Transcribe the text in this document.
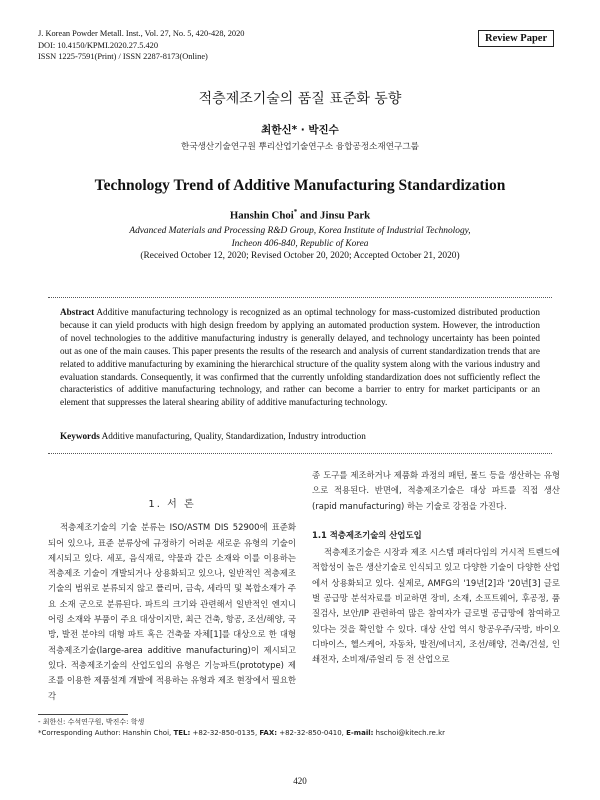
J. Korean Powder Metall. Inst., Vol. 27, No. 5, 420-428, 2020
DOI: 10.4150/KPMI.2020.27.5.420
ISSN 1225-7591(Print) / ISSN 2287-8173(Online)
Review Paper
적층제조기술의 품질 표준화 동향
최한신* · 박진수
한국생산기술연구원 뿌리산업기술연구소 융합공정소재연구그룹
Technology Trend of Additive Manufacturing Standardization
Hanshin Choi* and Jinsu Park
Advanced Materials and Processing R&D Group, Korea Institute of Industrial Technology,
Incheon 406-840, Republic of Korea
(Received October 12, 2020; Revised October 20, 2020; Accepted October 21, 2020)
Abstract Additive manufacturing technology is recognized as an optimal technology for mass-customized distributed production because it can yield products with high design freedom by applying an automated production system. However, the introduction of novel technologies to the additive manufacturing industry is generally delayed, and technology uncertainty has been pointed out as one of the main causes. This paper presents the results of the research and analysis of current standardization trends that are related to additive manufacturing by examining the hierarchical structure of the quality system along with the various industry and evaluation standards. Consequently, it was confirmed that the currently unfolding standardization does not sufficiently reflect the characteristics of additive manufacturing technology, and rather can become a barrier to entry for market participants or an element that suppresses the lateral shearing ability of additive manufacturing technology.
Keywords Additive manufacturing, Quality, Standardization, Industry introduction
1. 서 론

적층제조기술의 기술 분류는 ISO/ASTM DIS 52900에 표준화 되어 있으나, 표준 분류상에 규정하기 어려운 새로운 유형의 기술이 제시되고 있다. 세포, 음식재료, 약물과 같은 소재와 이를 이용하는 적층제조 기술이 개발되거나 상용화되고 있으나, 일반적인 적층제조기술의 범위로 분류되지 않고 폴리머, 금속, 세라믹 및 복합소재가 주요 소재 군으로 분류된다. 파트의 크기와 관련해서 일반적인 엔지니어링 소재와 부품이 주요 대상이지만, 최근 건축, 항공, 조선/해양, 국방, 발전 분야의 대형 파트 혹은 건축물 자체[1]를 대상으로 한 대형 적층제조기술(large-area additive manufacturing)이 제시되고 있다. 적층제조기술의 산업도입의 유형은 기능파트(prototype) 제조를 이용한 제품설계 개발에 적용하는 유형과 제조 현장에서 필요한 각

종 도구를 제조하거나 제품화 과정의 패턴, 몰드 등을 생산하는 유형으로 적용된다. 반면에, 적층제조기술은 대상 파트를 직접 생산(rapid manufacturing) 하는 기술로 강점을 가진다.

1.1 적층제조기술의 산업도입

적층제조기술은 시장과 제조 시스템 패러다임의 거시적 트렌드에 적합성이 높은 생산기술로 인식되고 있고 다양한 기술이 다양한 산업에서 상용화되고 있다. 실제로, AMFG의 '19년[2]과 '20년[3] 글로벌 공급망 분석자료를 비교하면 장비, 소재, 소프트웨어, 후공정, 품질검사, 보안/IP 관련하여 많은 참여자가 글로벌 공급망에 참여하고 있다는 것을 확인할 수 있다. 대상 산업 역시 항공우주/국방, 바이오 디바이스, 헬스케어, 자동차, 발전/에너지, 조선/해양, 건축/건설, 인쇄전자, 소비재/쥬얼리 등 전 산업으로

- 최한신: 수석연구원, 박진수: 학생
*Corresponding Author: Hanshin Choi, TEL: +82-32-850-0135, FAX: +82-32-850-0410, E-mail: hschoi@kitech.re.kr
420
